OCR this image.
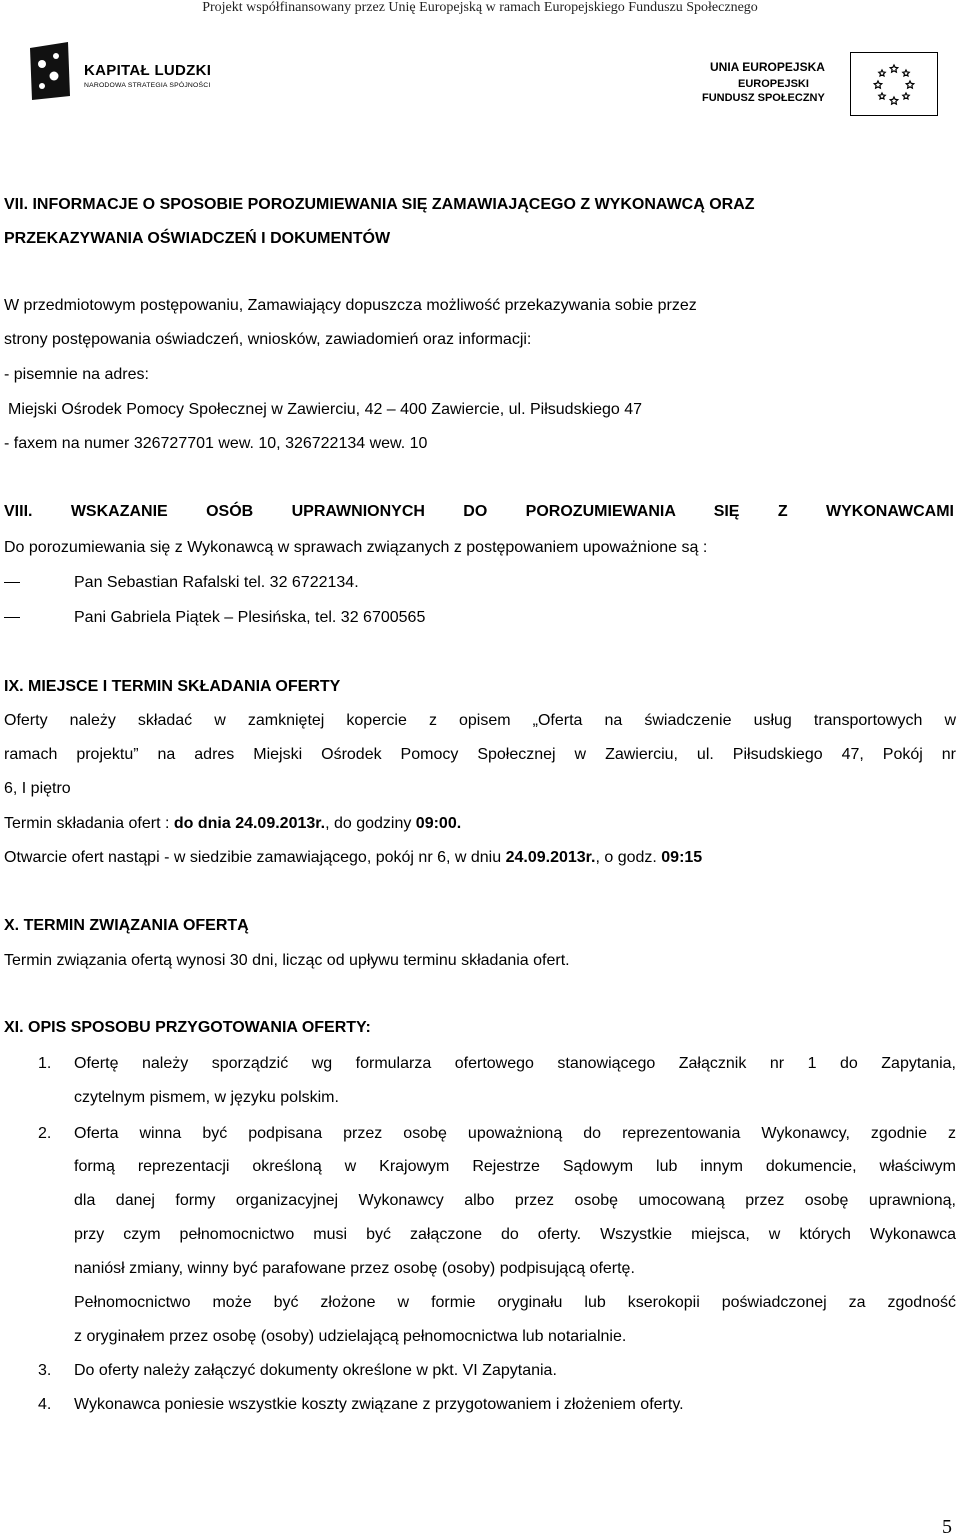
Projekt współfinansowany przez Unię Europejską w ramach Europejskiego Funduszu Społecznego
KAPITAŁ LUDZKI
NARODOWA STRATEGIA SPÓJNOŚCI
UNIA EUROPEJSKA
EUROPEJSKI
FUNDUSZ SPOŁECZNY
VII. INFORMACJE O SPOSOBIE POROZUMIEWANIA SIĘ ZAMAWIAJĄCEGO Z WYKONAWCĄ ORAZ
PRZEKAZYWANIA OŚWIADCZEŃ I DOKUMENTÓW
W przedmiotowym postępowaniu, Zamawiający dopuszcza możliwość przekazywania sobie przez
strony postępowania oświadczeń, wniosków, zawiadomień oraz informacji:
- pisemnie na adres:
Miejski Ośrodek Pomocy Społecznej w Zawierciu, 42 – 400 Zawiercie, ul. Piłsudskiego 47
- faxem na numer 326727701 wew. 10, 326722134 wew. 10
VIII. WSKAZANIE OSÓB UPRAWNIONYCH DO POROZUMIEWANIA SIĘ Z WYKONAWCAMI
Do porozumiewania się z Wykonawcą w sprawach związanych z postępowaniem upoważnione są :
Pan Sebastian Rafalski tel. 32 6722134.
Pani Gabriela Piątek – Plesińska, tel. 32 6700565
IX. MIEJSCE I TERMIN SKŁADANIA OFERTY
Oferty należy składać w zamkniętej kopercie z opisem „Oferta na świadczenie usług transportowych w
ramach projektu” na adres Miejski Ośrodek Pomocy Społecznej w Zawierciu, ul. Piłsudskiego 47, Pokój nr
6, I piętro
Termin składania ofert : do dnia 24.09.2013r., do godziny 09:00.
Otwarcie ofert nastąpi - w siedzibie zamawiającego, pokój nr 6, w dniu 24.09.2013r., o godz. 09:15
X. TERMIN ZWIĄZANIA OFERTĄ
Termin związania ofertą wynosi 30 dni, licząc od upływu terminu składania ofert.
XI. OPIS SPOSOBU PRZYGOTOWANIA OFERTY:
1. Ofertę należy sporządzić wg formularza ofertowego stanowiącego Załącznik nr 1 do Zapytania,
czytelnym pismem, w języku polskim.
2. Oferta winna być podpisana przez osobę upoważnioną do reprezentowania Wykonawcy, zgodnie z
formą reprezentacji określoną w Krajowym Rejestrze Sądowym lub innym dokumencie, właściwym
dla danej formy organizacyjnej Wykonawcy albo przez osobę umocowaną przez osobę uprawnioną,
przy czym pełnomocnictwo musi być załączone do oferty. Wszystkie miejsca, w których Wykonawca
naniósł zmiany, winny być parafowane przez osobę (osoby) podpisującą ofertę.
Pełnomocnictwo może być złożone w formie oryginału lub kserokopii poświadczonej za zgodność
z oryginałem przez osobę (osoby) udzielającą pełnomocnictwa lub notarialnie.
3. Do oferty należy załączyć dokumenty określone w pkt. VI Zapytania.
4. Wykonawca poniesie wszystkie koszty związane z przygotowaniem i złożeniem oferty.
5
